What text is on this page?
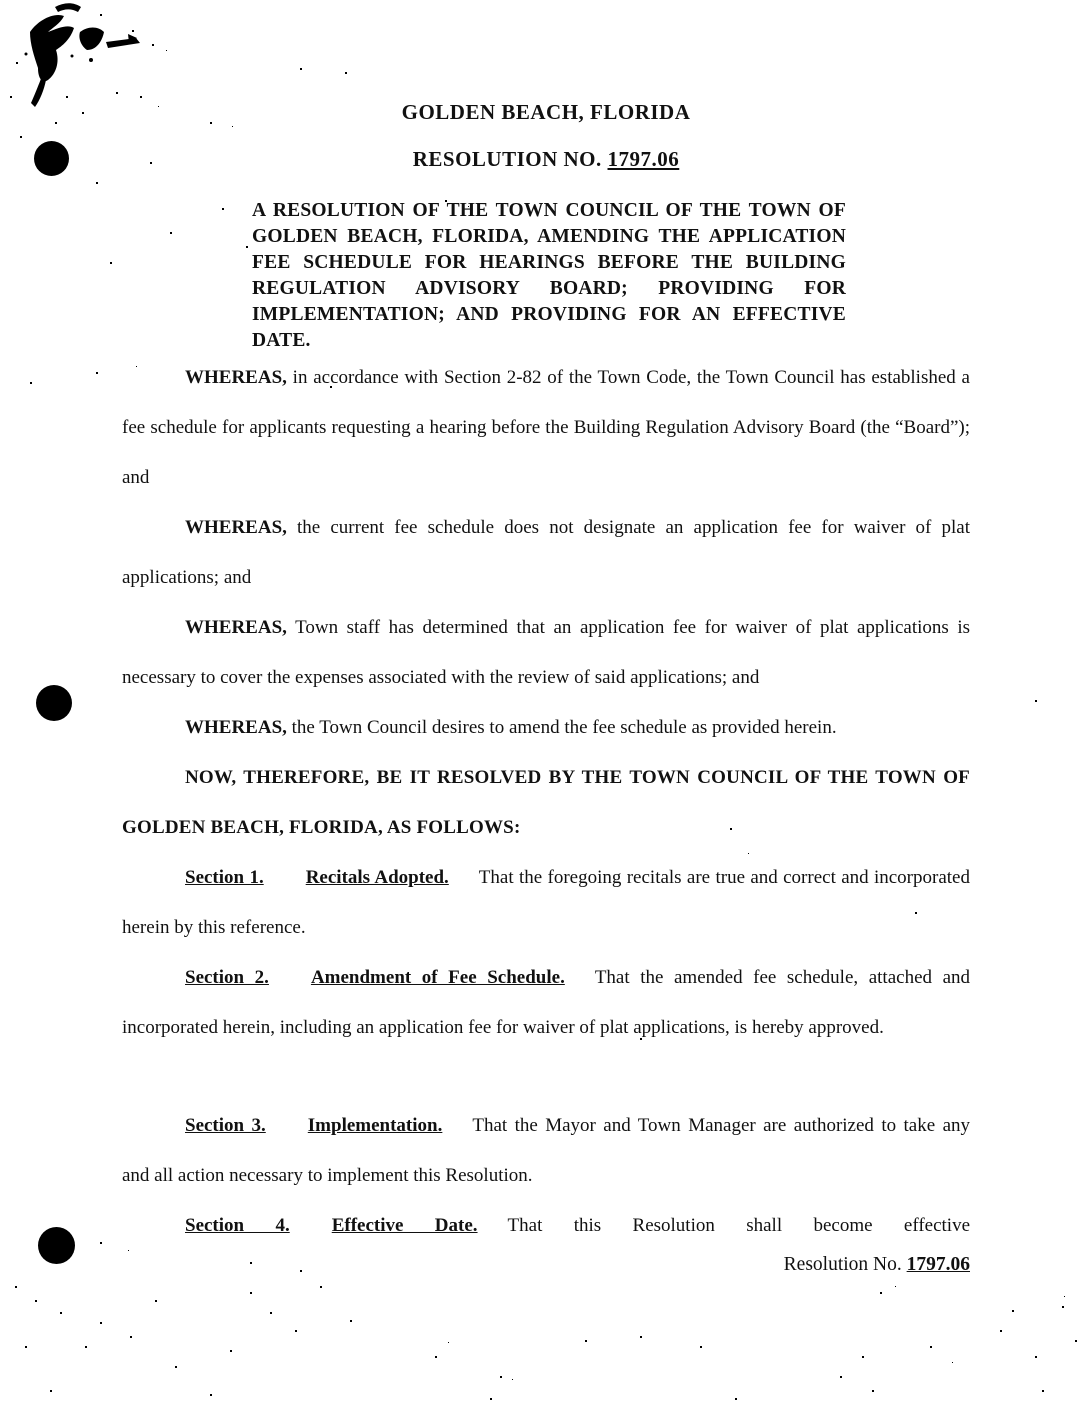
GOLDEN BEACH, FLORIDA
RESOLUTION NO. 1797.06

A RESOLUTION OF THE TOWN COUNCIL OF THE TOWN OF GOLDEN BEACH, FLORIDA, AMENDING THE APPLICATION FEE SCHEDULE FOR HEARINGS BEFORE THE BUILDING REGULATION ADVISORY BOARD; PROVIDING FOR IMPLEMENTATION; AND PROVIDING FOR AN EFFECTIVE DATE.

WHEREAS, in accordance with Section 2-82 of the Town Code, the Town Council has established a fee schedule for applicants requesting a hearing before the Building Regulation Advisory Board (the “Board”); and

WHEREAS, the current fee schedule does not designate an application fee for waiver of plat applications; and

WHEREAS, Town staff has determined that an application fee for waiver of plat applications is necessary to cover the expenses associated with the review of said applications; and

WHEREAS, the Town Council desires to amend the fee schedule as provided herein.

NOW, THEREFORE, BE IT RESOLVED BY THE TOWN COUNCIL OF THE TOWN OF GOLDEN BEACH, FLORIDA, AS FOLLOWS:

Section 1. Recitals Adopted. That the foregoing recitals are true and correct and incorporated herein by this reference.

Section 2. Amendment of Fee Schedule. That the amended fee schedule, attached and incorporated herein, including an application fee for waiver of plat applications, is hereby approved.

Section 3. Implementation. That the Mayor and Town Manager are authorized to take any and all action necessary to implement this Resolution.

Section 4. Effective Date. That this Resolution shall become effective

Resolution No. 1797.06
